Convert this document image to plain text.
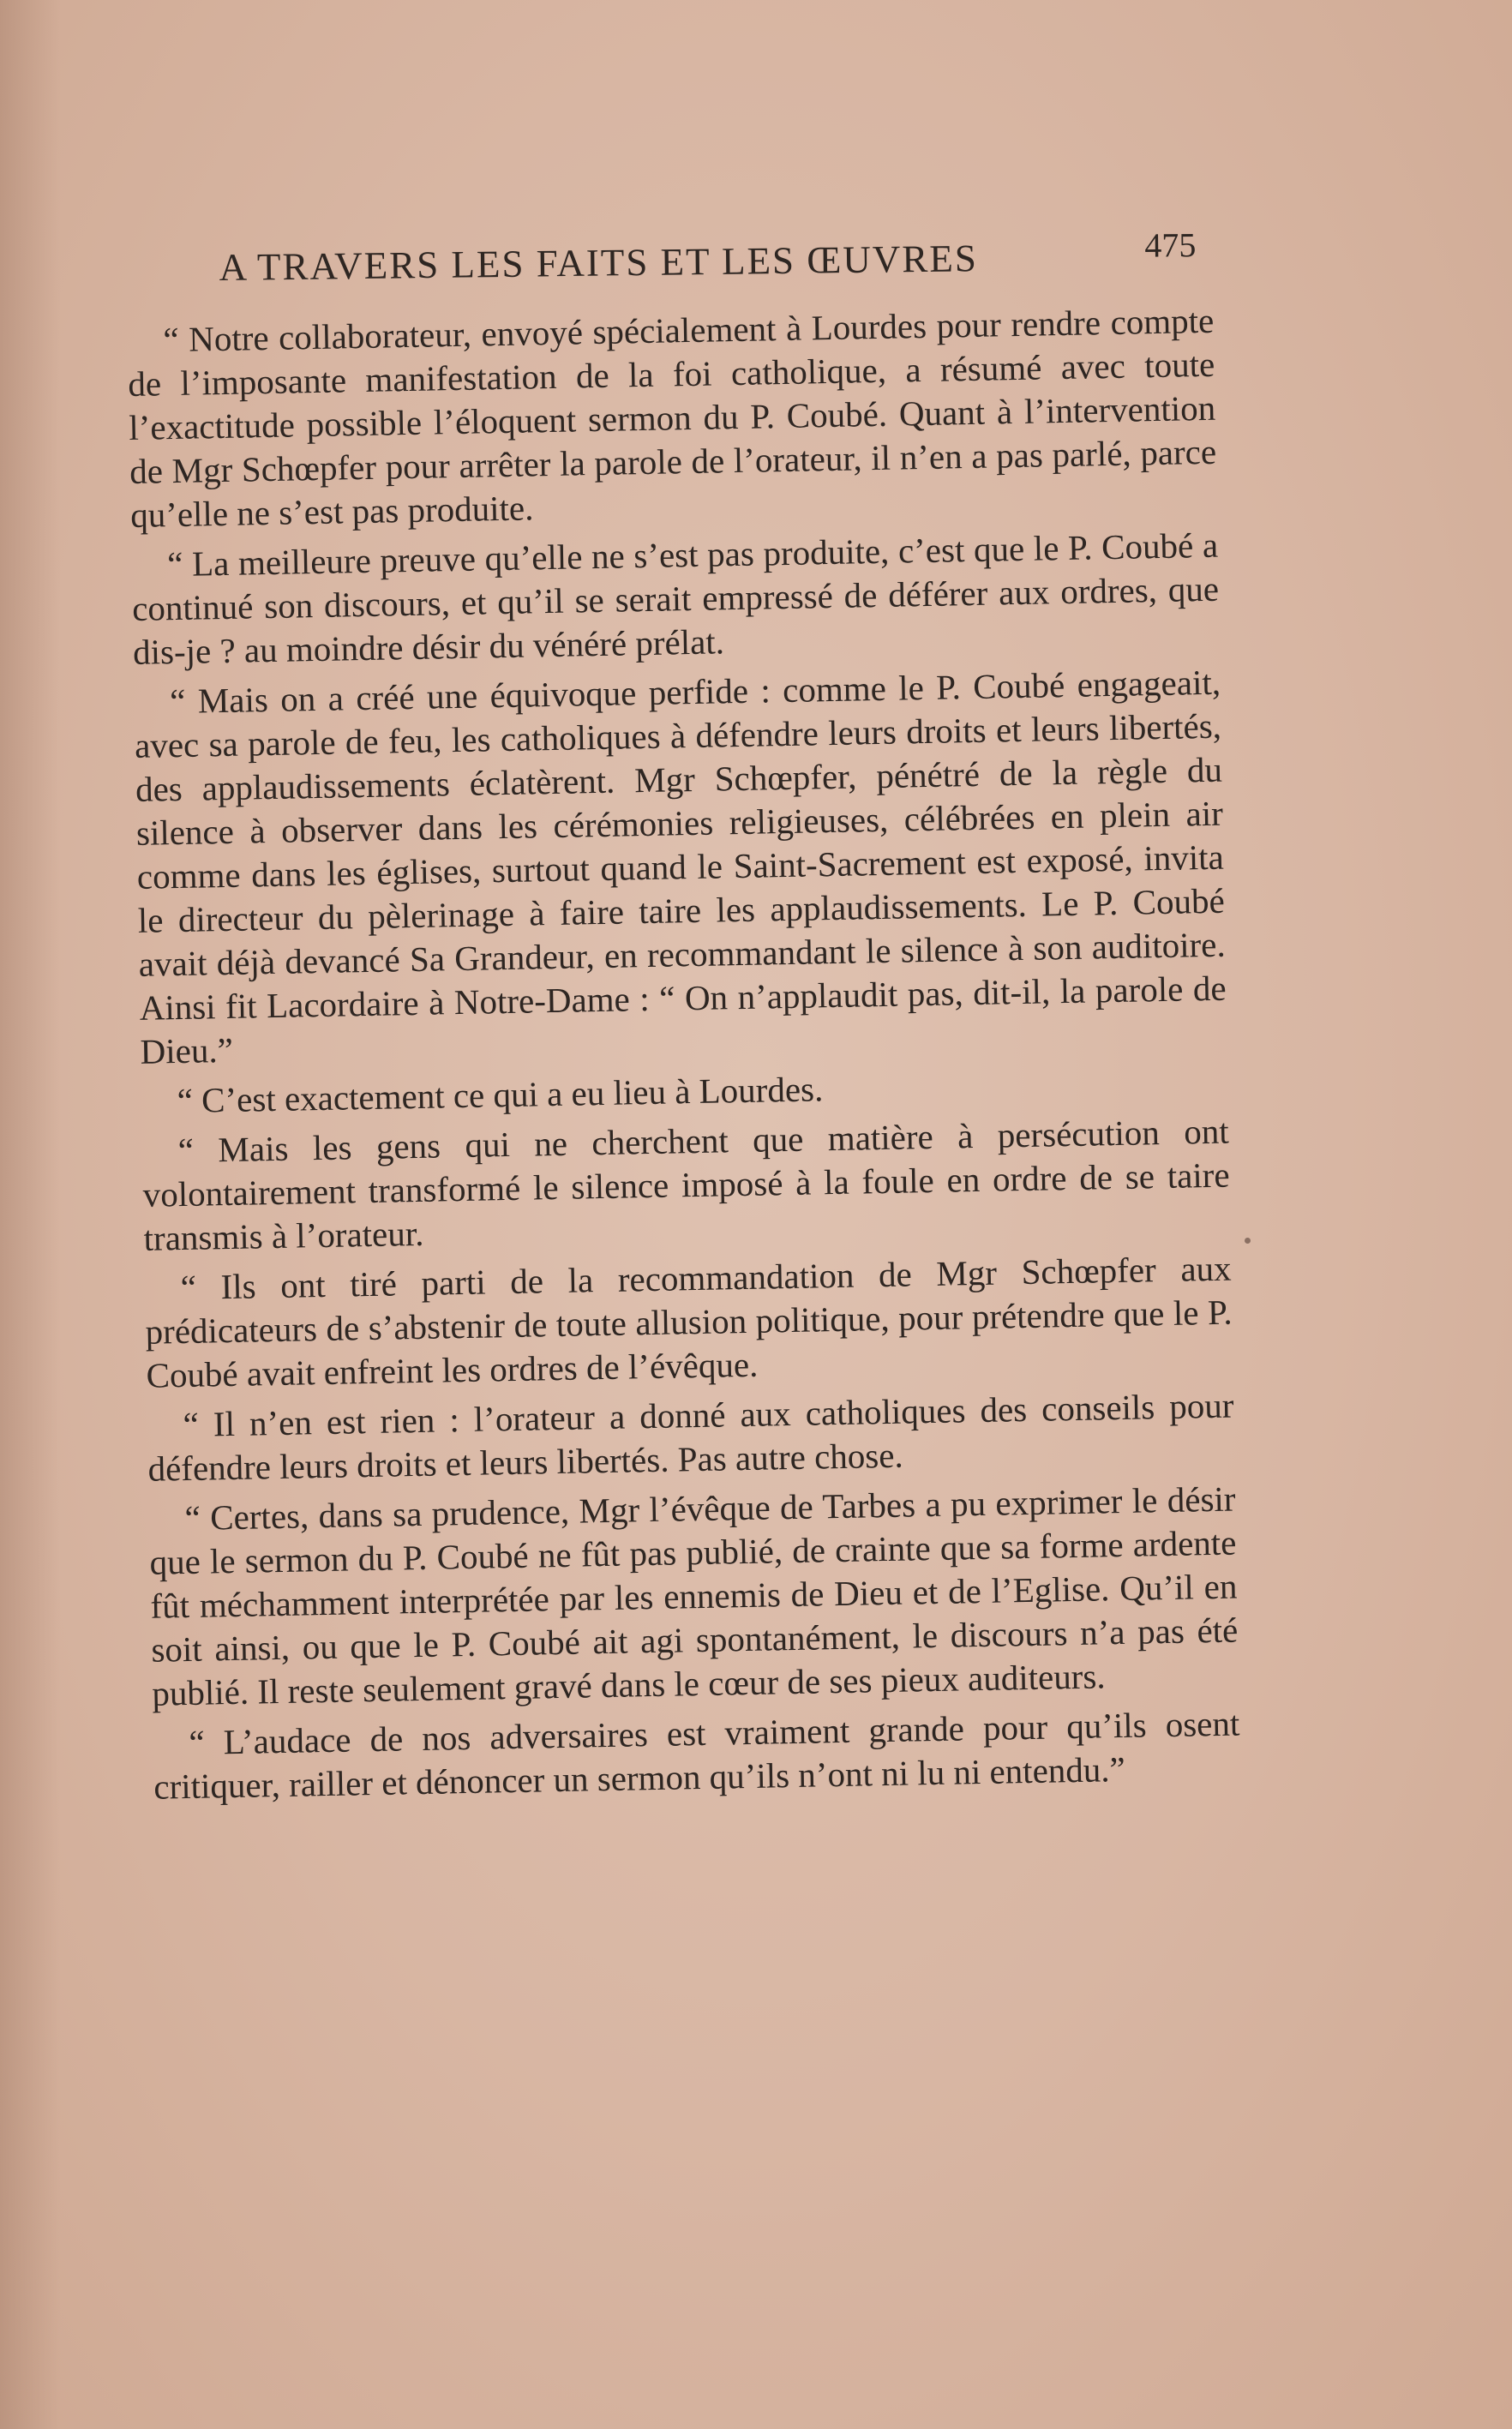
A TRAVERS LES FAITS ET LES ŒUVRES	475

“ Notre collaborateur, envoyé spécialement à Lourdes pour rendre compte de l’imposante manifestation de la foi catholique, a résumé avec toute l’exactitude possible l’éloquent sermon du P. Coubé. Quant à l’intervention de Mgr Schœpfer pour arrêter la parole de l’orateur, il n’en a pas parlé, parce qu’elle ne s’est pas produite.

“ La meilleure preuve qu’elle ne s’est pas produite, c’est que le P. Coubé a continué son discours, et qu’il se serait empressé de déférer aux ordres, que dis-je ? au moindre désir du vénéré prélat.

“ Mais on a créé une équivoque perfide : comme le P. Coubé engageait, avec sa parole de feu, les catholiques à défendre leurs droits et leurs libertés, des applaudissements éclatèrent. Mgr Schœpfer, pénétré de la règle du silence à observer dans les cérémonies religieuses, célébrées en plein air comme dans les églises, surtout quand le Saint-Sacrement est exposé, invita le directeur du pèlerinage à faire taire les applaudissements. Le P. Coubé avait déjà devancé Sa Grandeur, en recommandant le silence à son auditoire. Ainsi fit Lacordaire à Notre-Dame : “ On n’applaudit pas, dit-il, la parole de Dieu.”

“ C’est exactement ce qui a eu lieu à Lourdes.

“ Mais les gens qui ne cherchent que matière à persécution ont volontairement transformé le silence imposé à la foule en ordre de se taire transmis à l’orateur.

“ Ils ont tiré parti de la recommandation de Mgr Schœpfer aux prédicateurs de s’abstenir de toute allusion politique, pour prétendre que le P. Coubé avait enfreint les ordres de l’évêque.

“ Il n’en est rien : l’orateur a donné aux catholiques des conseils pour défendre leurs droits et leurs libertés. Pas autre chose.

“ Certes, dans sa prudence, Mgr l’évêque de Tarbes a pu exprimer le désir que le sermon du P. Coubé ne fût pas publié, de crainte que sa forme ardente fût méchamment interprétée par les ennemis de Dieu et de l’Eglise. Qu’il en soit ainsi, ou que le P. Coubé ait agi spontanément, le discours n’a pas été publié. Il reste seulement gravé dans le cœur de ses pieux auditeurs.

“ L’audace de nos adversaires est vraiment grande pour qu’ils osent critiquer, railler et dénoncer un sermon qu’ils n’ont ni lu ni entendu.”
